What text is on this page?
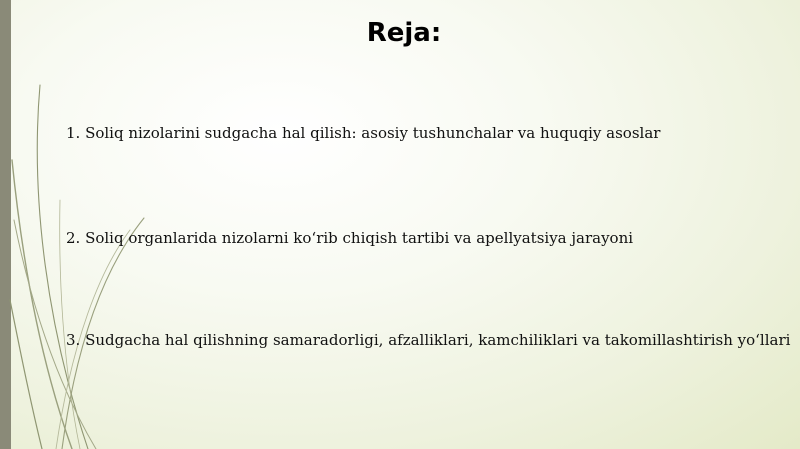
Reja:
1. Soliq nizolarini sudgacha hal qilish: asosiy tushunchalar va huquqiy asoslar
2. Soliq organlarida nizolarni ko‘rib chiqish tartibi va apellyatsiya jarayoni
3. Sudgacha hal qilishning samaradorligi, afzalliklari, kamchiliklari va takomillashtirish yo‘llari
